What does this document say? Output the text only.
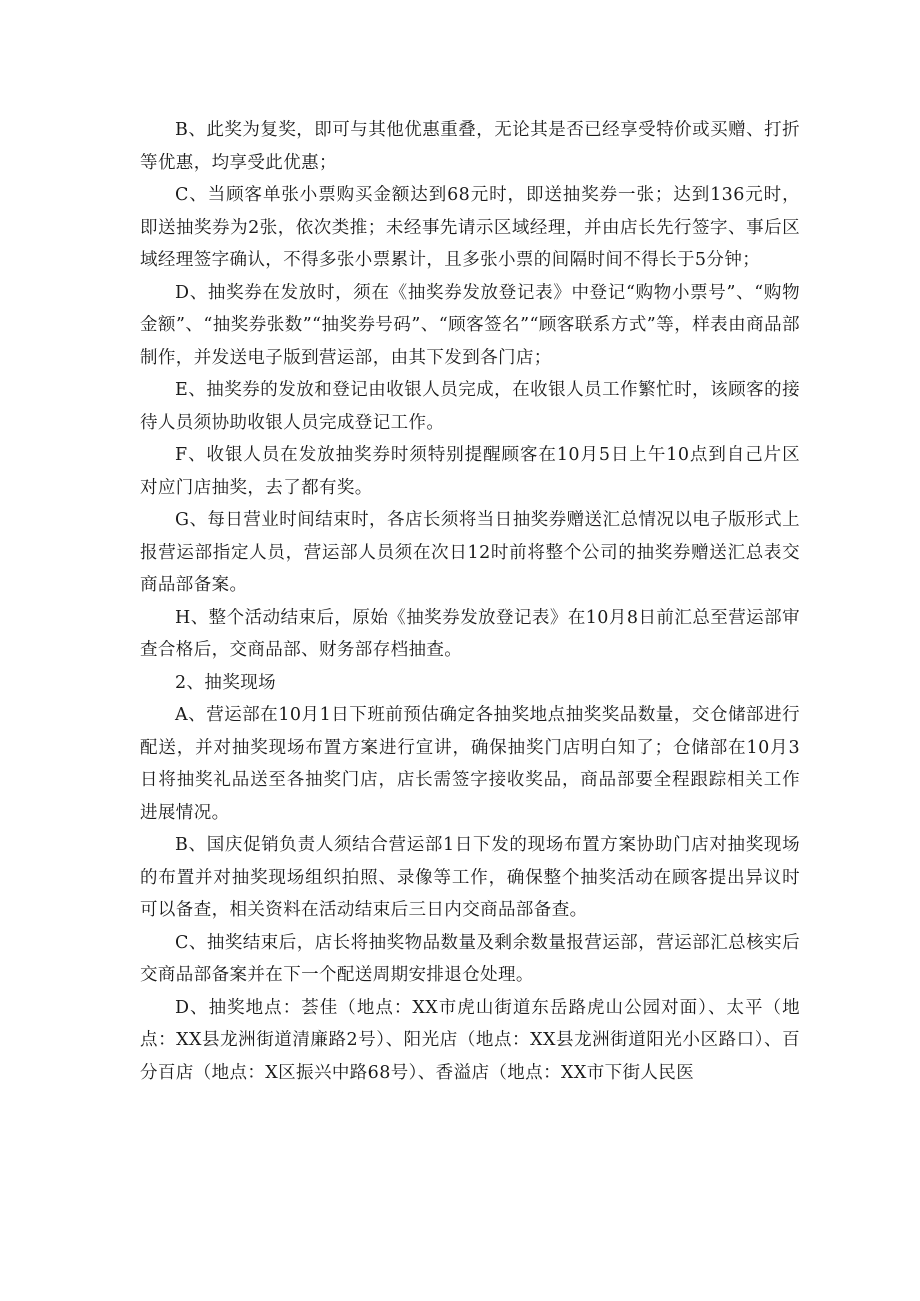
B、此奖为复奖，即可与其他优惠重叠，无论其是否已经享受特价或买赠、打折等优惠，均享受此优惠；

C、当顾客单张小票购买金额达到68元时，即送抽奖券一张；达到136元时，即送抽奖券为2张，依次类推；未经事先请示区域经理，并由店长先行签字、事后区域经理签字确认，不得多张小票累计，且多张小票的间隔时间不得长于5分钟；

D、抽奖券在发放时，须在《抽奖券发放登记表》中登记“购物小票号”、“购物金额”、“抽奖券张数”“抽奖券号码”、“顾客签名”“顾客联系方式”等，样表由商品部制作，并发送电子版到营运部，由其下发到各门店；

E、抽奖券的发放和登记由收银人员完成，在收银人员工作繁忙时，该顾客的接待人员须协助收银人员完成登记工作。

F、收银人员在发放抽奖券时须特别提醒顾客在10月5日上午10点到自己片区对应门店抽奖，去了都有奖。

G、每日营业时间结束时，各店长须将当日抽奖券赠送汇总情况以电子版形式上报营运部指定人员，营运部人员须在次日12时前将整个公司的抽奖券赠送汇总表交商品部备案。

H、整个活动结束后，原始《抽奖券发放登记表》在10月8日前汇总至营运部审查合格后，交商品部、财务部存档抽查。

2、抽奖现场

A、营运部在10月1日下班前预估确定各抽奖地点抽奖奖品数量，交仓储部进行配送，并对抽奖现场布置方案进行宣讲，确保抽奖门店明白知了；仓储部在10月3日将抽奖礼品送至各抽奖门店，店长需签字接收奖品，商品部要全程跟踪相关工作进展情况。

B、国庆促销负责人须结合营运部1日下发的现场布置方案协助门店对抽奖现场的布置并对抽奖现场组织拍照、录像等工作，确保整个抽奖活动在顾客提出异议时可以备查，相关资料在活动结束后三日内交商品部备查。

C、抽奖结束后，店长将抽奖物品数量及剩余数量报营运部，营运部汇总核实后交商品部备案并在下一个配送周期安排退仓处理。

D、抽奖地点：荟佳（地点：XX市虎山街道东岳路虎山公园对面）、太平（地点：XX县龙洲街道清廉路2号）、阳光店（地点：XX县龙洲街道阳光小区路口）、百分百店（地点：X区振兴中路68号）、香溢店（地点：XX市下街人民医
